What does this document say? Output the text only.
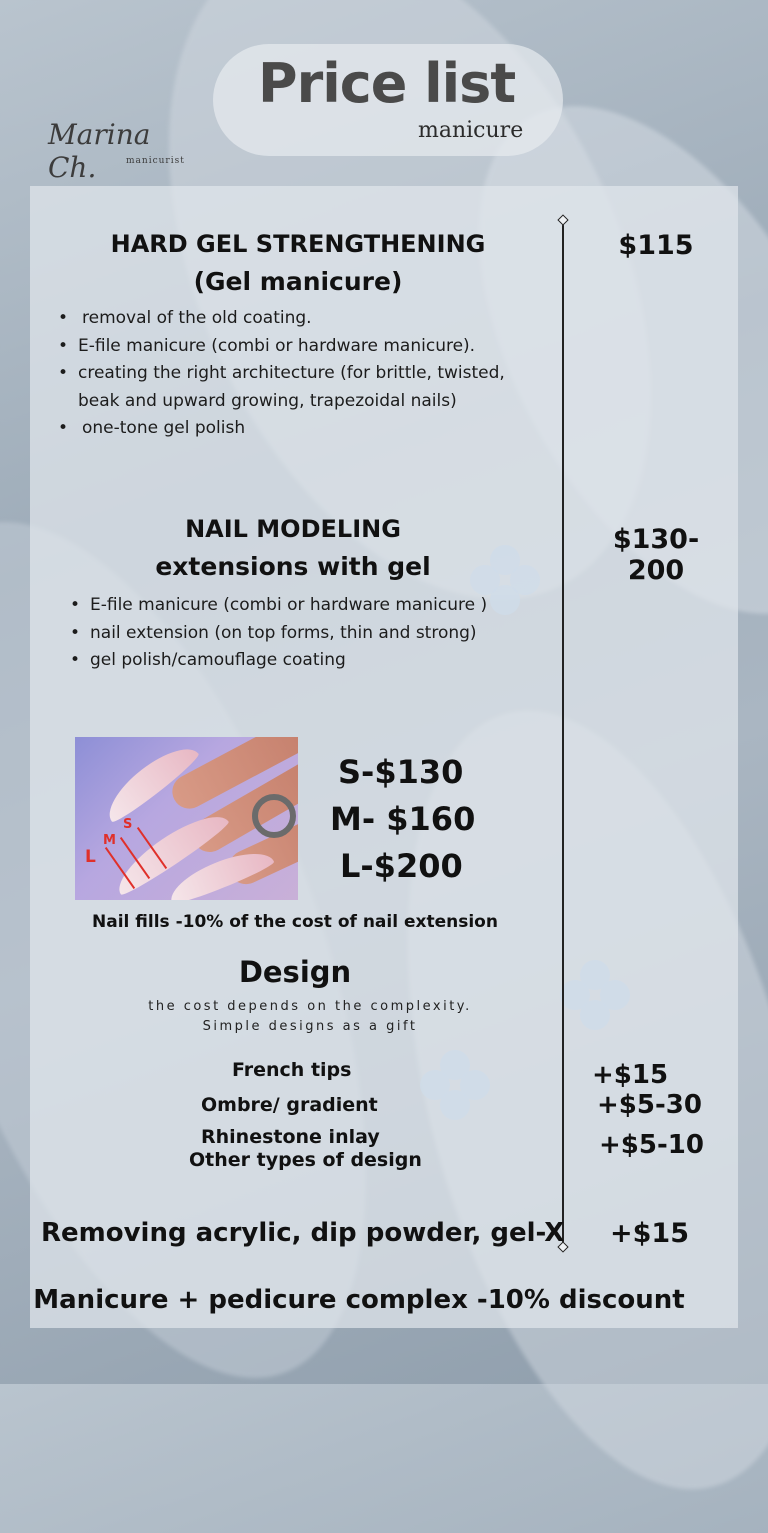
Price list
manicure
Marina Ch.	manicurist
HARD GEL STRENGTHENING
(Gel manicure)
$115
• removal of the old coating.
• E-file manicure (combi or hardware manicure).
• creating the right architecture (for brittle, twisted, beak and upward growing, trapezoidal nails)
• one-tone gel polish
NAIL MODELING
extensions with gel
$130-200
• E-file manicure (combi or hardware manicure )
• nail extension (on top forms, thin and strong)
• gel polish/camouflage coating
L
M
S
S-$130
M- $160
L-$200
Nail fills -10% of the cost of nail extension
Design
the cost depends on the complexity.
Simple designs as a gift
French tips	+$15
Ombre/ gradient	+$5-30
Rhinestone inlay	+$5-10
Other types of design
Removing acrylic, dip powder, gel-X +$15
Manicure + pedicure complex -10% discount
